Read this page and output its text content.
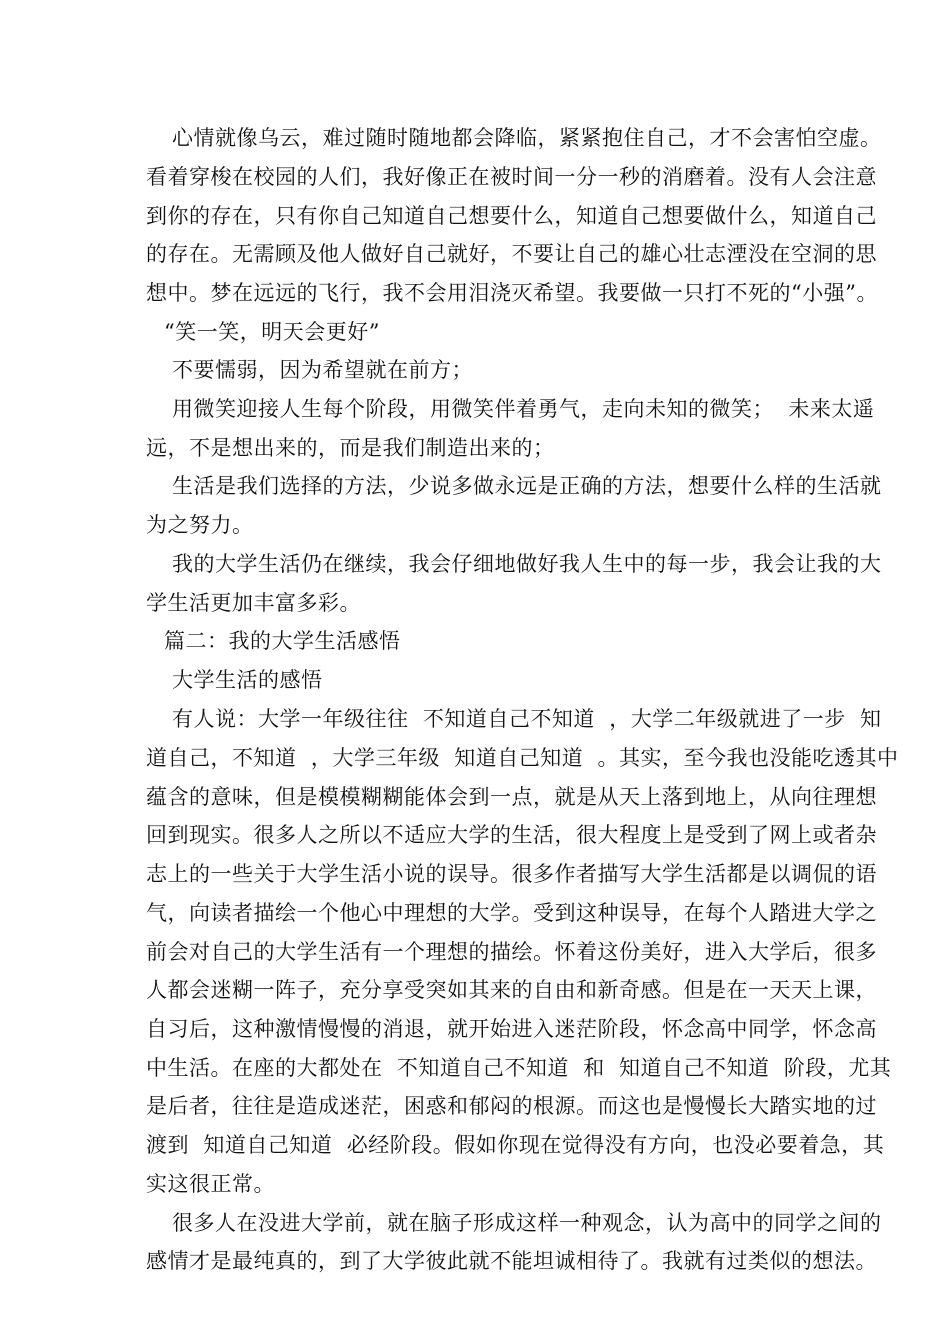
心情就像乌云，难过随时随地都会降临，紧紧抱住自己，才不会害怕空虚。
看着穿梭在校园的人们，我好像正在被时间一分一秒的消磨着。没有人会注意
到你的存在，只有你自己知道自己想要什么，知道自己想要做什么，知道自己
的存在。无需顾及他人做好自己就好，不要让自己的雄心壮志湮没在空洞的思
想中。梦在远远的飞行，我不会用泪浇灭希望。我要做一只打不死的“小强”。
“笑一笑，明天会更好”
不要懦弱，因为希望就在前方；
用微笑迎接人生每个阶段，用微笑伴着勇气，走向未知的微笑；  未来太遥
远，不是想出来的，而是我们制造出来的；
生活是我们选择的方法，少说多做永远是正确的方法，想要什么样的生活就
为之努力。
我的大学生活仍在继续，我会仔细地做好我人生中的每一步，我会让我的大
学生活更加丰富多彩。
篇二：我的大学生活感悟
大学生活的感悟
有人说：大学一年级往往  不知道自己不知道  ，大学二年级就进了一步  知
道自己，不知道  ，大学三年级  知道自己知道  。其实，至今我也没能吃透其中
蕴含的意味，但是模模糊糊能体会到一点，就是从天上落到地上，从向往理想
回到现实。很多人之所以不适应大学的生活，很大程度上是受到了网上或者杂
志上的一些关于大学生活小说的误导。很多作者描写大学生活都是以调侃的语
气，向读者描绘一个他心中理想的大学。受到这种误导，在每个人踏进大学之
前会对自己的大学生活有一个理想的描绘。怀着这份美好，进入大学后，很多
人都会迷糊一阵子，充分享受突如其来的自由和新奇感。但是在一天天上课，
自习后，这种激情慢慢的消退，就开始进入迷茫阶段，怀念高中同学，怀念高
中生活。在座的大都处在  不知道自己不知道  和  知道自己不知道  阶段，尤其
是后者，往往是造成迷茫，困惑和郁闷的根源。而这也是慢慢长大踏实地的过
渡到  知道自己知道  必经阶段。假如你现在觉得没有方向，也没必要着急，其
实这很正常。
很多人在没进大学前，就在脑子形成这样一种观念，认为高中的同学之间的
感情才是最纯真的，到了大学彼此就不能坦诚相待了。我就有过类似的想法。
